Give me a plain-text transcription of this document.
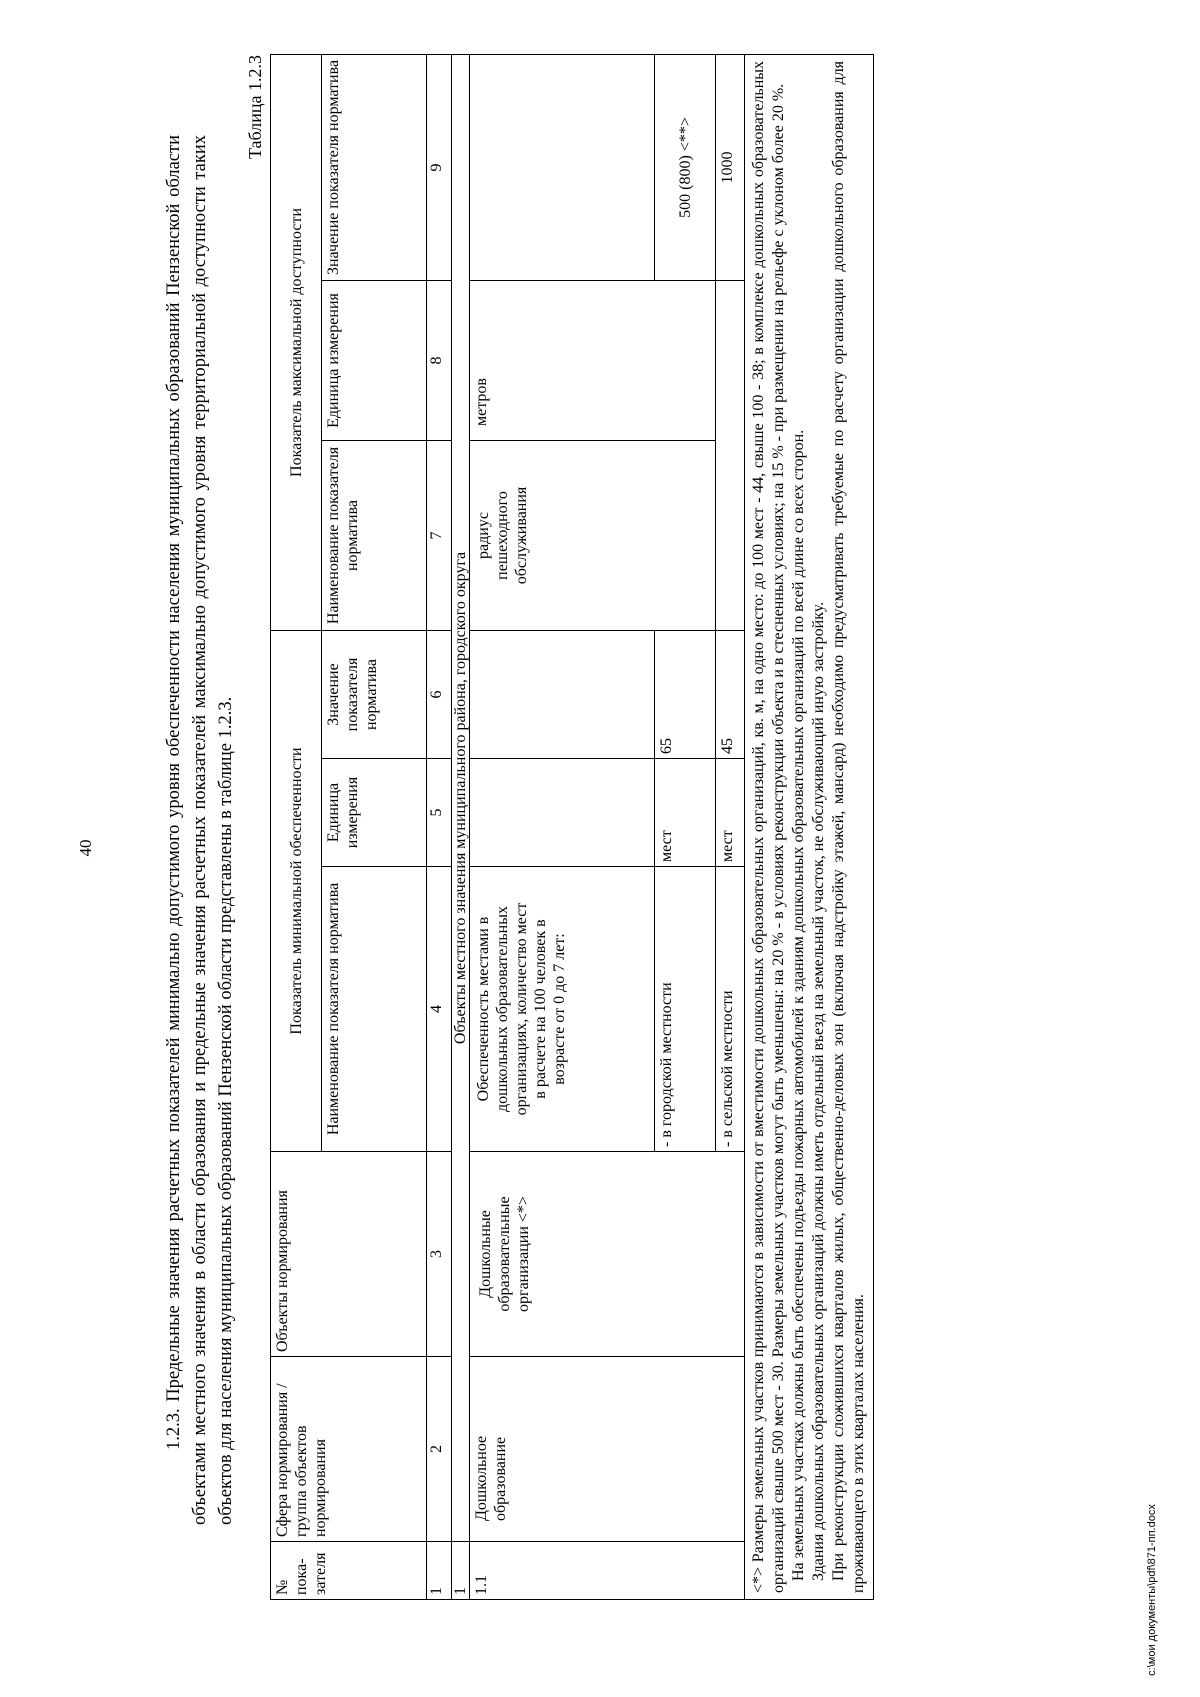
40
c:\мои документы\pdf\871-пп.docx

1.2.3. Предельные значения расчетных показателей минимально допустимого уровня обеспеченности населения муниципальных образований Пензенской области объектами местного значения в области образования и предельные значения расчетных показателей максимально допустимого уровня территориальной доступности таких объектов для населения муниципальных образований Пензенской области представлены в таблице 1.2.3.

Таблица 1.2.3

№ пока-зателя	Сфера нормирования / группа объектов нормирования	Объекты нормирования	Показатель минимальной обеспеченности			Показатель максимальной доступности		
			Наименование показателя норматива	Единица измерения	Значение показателя норматива	Наименование показателя норматива	Единица измерения	Значение показателя норматива
1	2	3	4	5	6	7	8	9
1	Объекты местного значения муниципального района, городского округа							
1.1	Дошкольное образование	Дошкольные образовательные организации <*>	Обеспеченность местами в дошкольных образовательных организациях, количество мест в расчете на 100 человек в возрасте от 0 до 7 лет:			радиус пешеходного обслуживания	метров	
			- в городской местности	мест	65			500 (800) <**>
			- в сельской местности	мест	45			1000

<*> Размеры земельных участков принимаются в зависимости от вместимости дошкольных образовательных организаций, кв. м, на одно место: до 100 мест - 44, свыше 100 - 38; в комплексе дошкольных образовательных организаций свыше 500 мест - 30. Размеры земельных участков могут быть уменьшены: на 20 % - в условиях реконструкции объекта и в стесненных условиях; на 15 % - при размещении на рельефе с уклоном более 20 %. На земельных участках должны быть обеспечены подъезды пожарных автомобилей к зданиям дошкольных образовательных организаций по всей длине со всех сторон. Здания дошкольных образовательных организаций должны иметь отдельный въезд на земельный участок, не обслуживающий иную застройку. При реконструкции сложившихся кварталов жилых, общественно-деловых зон (включая надстройку этажей, мансард) необходимо предусматривать требуемые по расчету организации дошкольного образования для проживающего в этих кварталах населения.								
